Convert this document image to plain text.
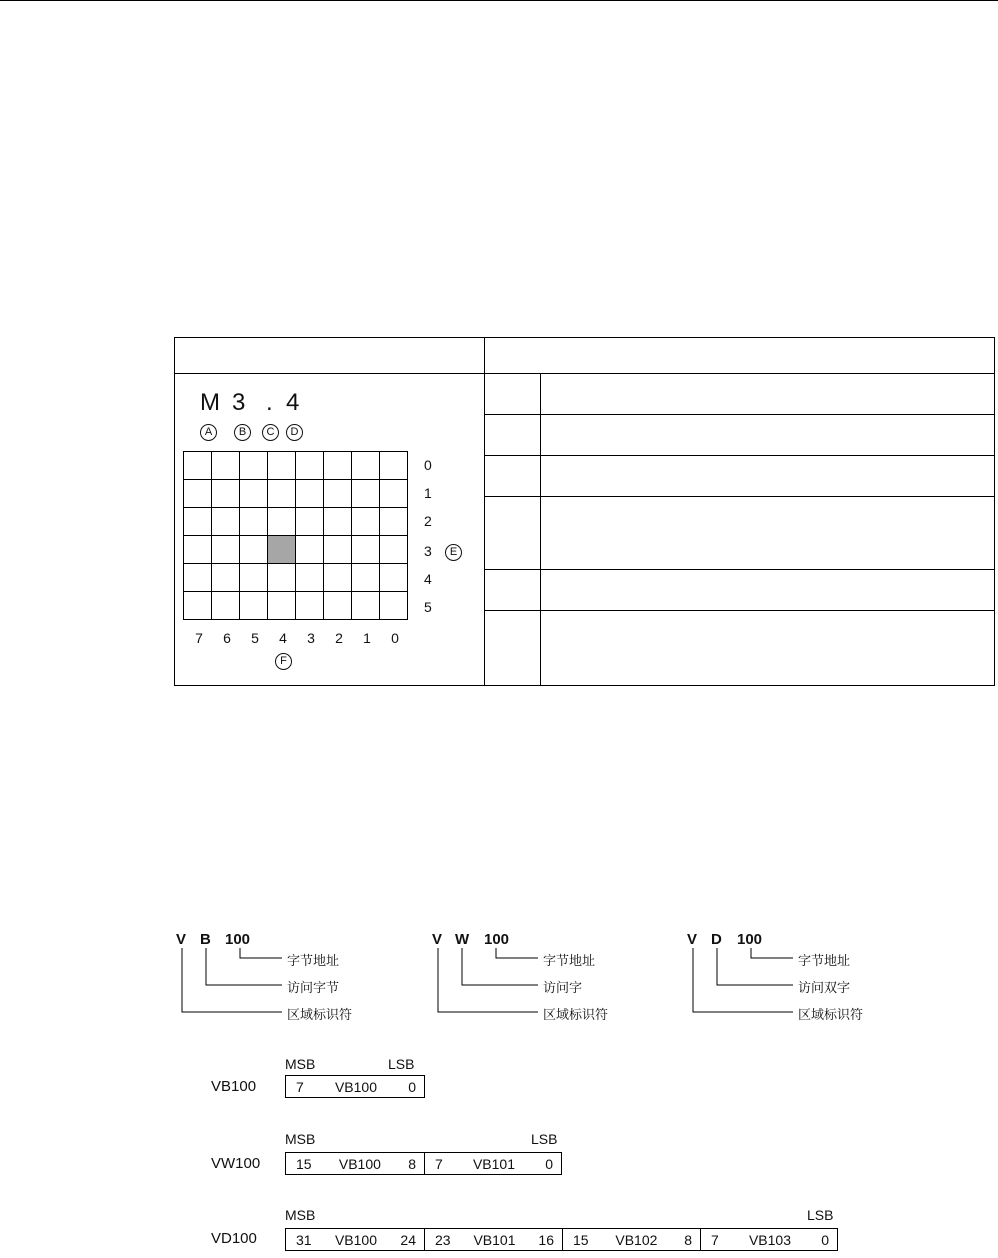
M 3 . 4
A	B	C	D
0
1
2
3	E
4
5
7 6 5 4 3 2 1 0
F
V B 100
字节地址
访问字节
区域标识符
V W 100
字节地址
访问字
区域标识符
V D 100
字节地址
访问双字
区域标识符
MSB	LSB
VB100	7 VB100 0
MSB	LSB
VW100	15 VB100 8 7 VB101 0
MSB	LSB
VD100	31 VB100 24 23 VB101 16 15 VB102 8 7 VB103 0
